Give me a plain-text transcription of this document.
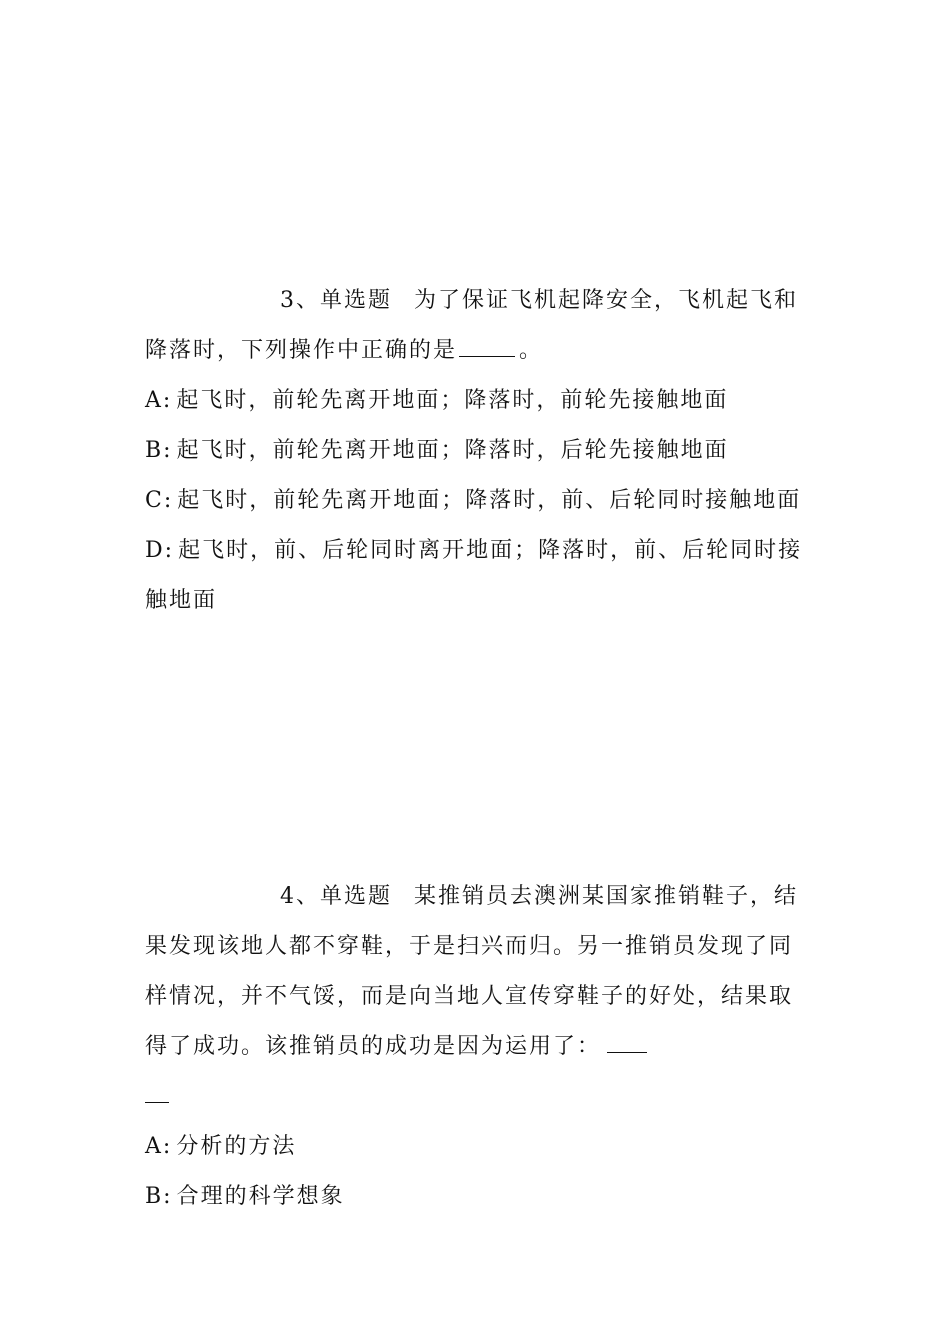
3、单选题 为了保证飞机起降安全，飞机起飞和降落时，下列操作中正确的是	。

A: 起飞时，前轮先离开地面；降落时，前轮先接触地面

B: 起飞时，前轮先离开地面；降落时，后轮先接触地面

C: 起飞时，前轮先离开地面；降落时，前、后轮同时接触地面

D: 起飞时，前、后轮同时离开地面；降落时，前、后轮同时接触地面

4、单选题 某推销员去澳洲某国家推销鞋子，结果发现该地人都不穿鞋，于是扫兴而归。另一推销员发现了同样情况，并不气馁，而是向当地人宣传穿鞋子的好处，结果取得了成功。该推销员的成功是因为运用了：

A: 分析的方法

B: 合理的科学想象
